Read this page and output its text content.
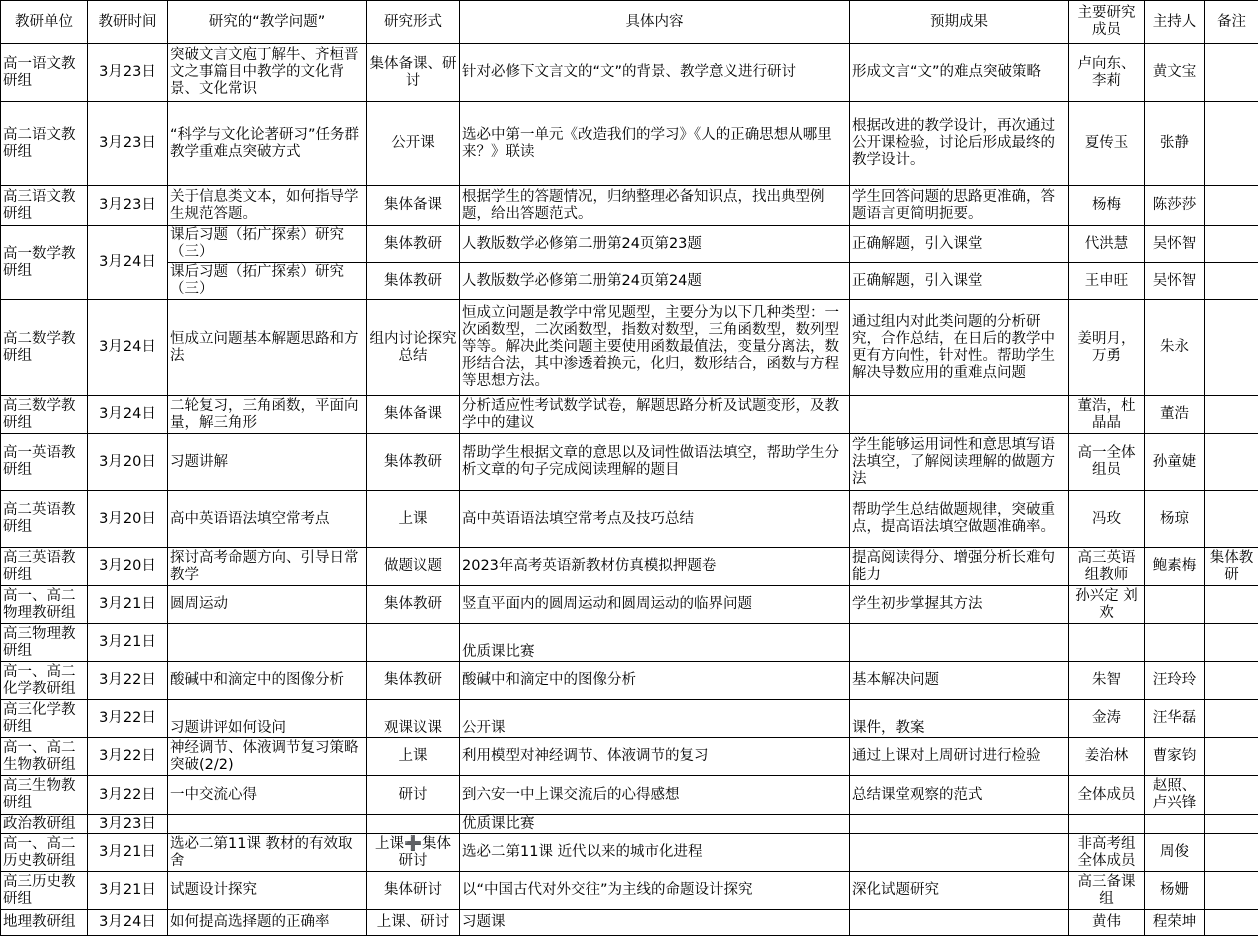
教研单位	教研时间	研究的“教学问题”	研究形式	具体内容	预期成果	主要研究成员	主持人	备注
高一语文教研组	3月23日	突破文言文庖丁解牛、齐桓晋文之事篇目中教学的文化背景、文化常识	集体备课、研讨	针对必修下文言文的“文”的背景、教学意义进行研讨	形成文言“文”的难点突破策略	卢向东、李莉	黄文宝	
高二语文教研组	3月23日	“科学与文化论著研习”任务群教学重难点突破方式	公开课	选必中第一单元《改造我们的学习》《人的正确思想从哪里来？》联读	根据改进的教学设计，再次通过公开课检验，讨论后形成最终的教学设计。	夏传玉	张静	
高三语文教研组	3月23日	关于信息类文本，如何指导学生规范答题。	集体备课	根据学生的答题情况，归纳整理必备知识点，找出典型例题，给出答题范式。	学生回答问题的思路更准确，答题语言更简明扼要。	杨梅	陈莎莎	
高一数学教研组	3月24日	课后习题（拓广探索）研究（三）	集体教研	人教版数学必修第二册第24页第23题	正确解题，引入课堂	代洪慧	吴怀智	
		课后习题（拓广探索）研究（三）	集体教研	人教版数学必修第二册第24页第24题	正确解题，引入课堂	王申旺	吴怀智	
高二数学教研组	3月24日	恒成立问题基本解题思路和方法	组内讨论探究总结	恒成立问题是教学中常见题型，主要分为以下几种类型：一次函数型，二次函数型，指数对数型，三角函数型，数列型等等。解决此类问题主要使用函数最值法，变量分离法，数形结合法，其中渗透着换元，化归，数形结合，函数与方程等思想方法。	通过组内对此类问题的分析研究，合作总结，在日后的教学中更有方向性，针对性。帮助学生解决导数应用的重难点问题	姜明月，万勇	朱永	
高三数学教研组	3月24日	二轮复习，三角函数，平面向量，解三角形	集体备课	分析适应性考试数学试卷，解题思路分析及试题变形，及教学中的建议		董浩，杜晶晶	董浩	
高一英语教研组	3月20日	习题讲解	集体教研	帮助学生根据文章的意思以及词性做语法填空，帮助学生分析文章的句子完成阅读理解的题目	学生能够运用词性和意思填写语法填空，了解阅读理解的做题方法	高一全体组员	孙童婕	
高二英语教研组	3月20日	高中英语语法填空常考点	上课	高中英语语法填空常考点及技巧总结	帮助学生总结做题规律，突破重点，提高语法填空做题准确率。	冯玫	杨琼	
高三英语教研组	3月20日	探讨高考命题方向、引导日常教学	做题议题	2023年高考英语新教材仿真模拟押题卷	提高阅读得分、增强分析长难句能力	高三英语组教师	鲍素梅	集体教研
高一、高二物理教研组	3月21日	圆周运动	集体教研	竖直平面内的圆周运动和圆周运动的临界问题	学生初步掌握其方法	孙兴定 刘欢		
高三物理教研组	3月21日			优质课比赛				
高一、高二化学教研组	3月22日	酸碱中和滴定中的图像分析	集体教研	酸碱中和滴定中的图像分析	基本解决问题	朱智	汪玲玲	
高三化学教研组	3月22日	习题讲评如何设问	观课议课	公开课	课件，教案	金涛	汪华磊	
高一、高二生物教研组	3月22日	神经调节、体液调节复习策略突破(2/2)	上课	利用模型对神经调节、体液调节的复习	通过上课对上周研讨进行检验	姜治林	曹家钧	
高三生物教研组	3月22日	一中交流心得	研讨	到六安一中上课交流后的心得感想	总结课堂观察的范式	全体成员	赵照、卢兴锋	
政治教研组	3月23日			优质课比赛				
高一、高二历史教研组	3月21日	选必二第11课 教材的有效取舍	上课➕集体研讨	选必二第11课 近代以来的城市化进程		非高考组全体成员	周俊	
高三历史教研组	3月21日	试题设计探究	集体研讨	以“中国古代对外交往”为主线的命题设计探究	深化试题研究	高三备课组	杨姗	
地理教研组	3月24日	如何提高选择题的正确率	上课、研讨	习题课		黄伟	程荣坤	
